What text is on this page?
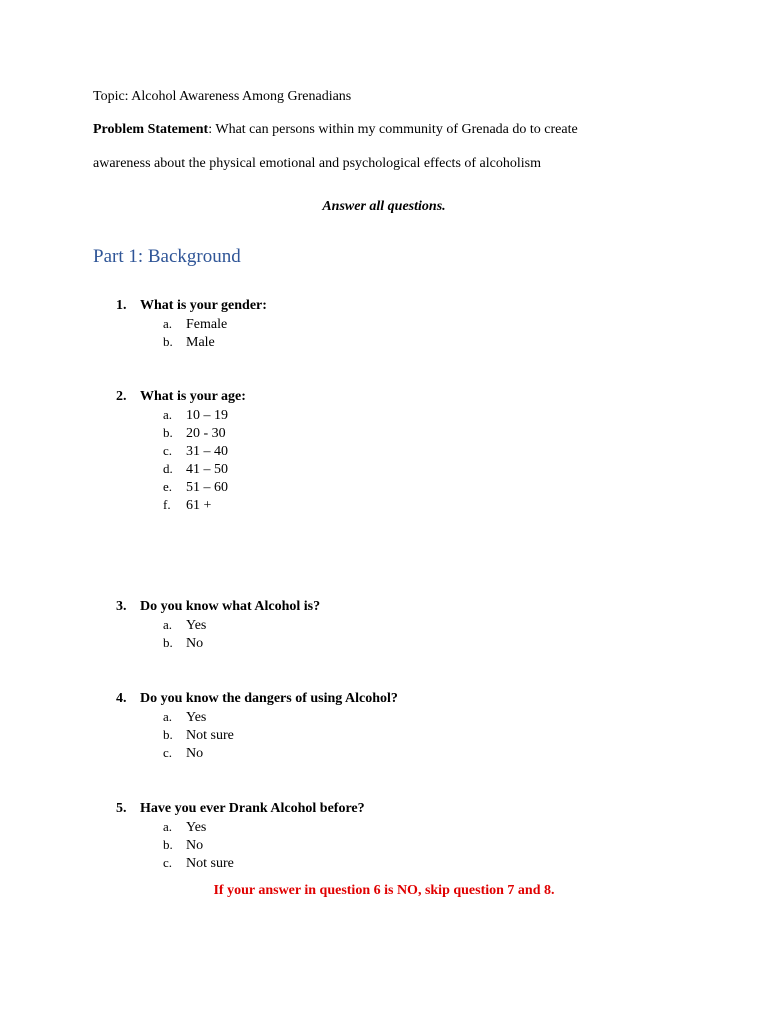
Topic: Alcohol Awareness Among Grenadians
Problem Statement: What can persons within my community of Grenada do to create
awareness about the physical emotional and psychological effects of alcoholism
Answer all questions.
Part 1: Background
1. What is your gender:
a. Female
b. Male
2. What is your age:
a. 10 – 19
b. 20 - 30
c. 31 – 40
d. 41 – 50
e. 51 – 60
f. 61 +
3. Do you know what Alcohol is?
a. Yes
b. No
4. Do you know the dangers of using Alcohol?
a. Yes
b. Not sure
c. No
5. Have you ever Drank Alcohol before?
a. Yes
b. No
c. Not sure
If your answer in question 6 is NO, skip question 7 and 8.
